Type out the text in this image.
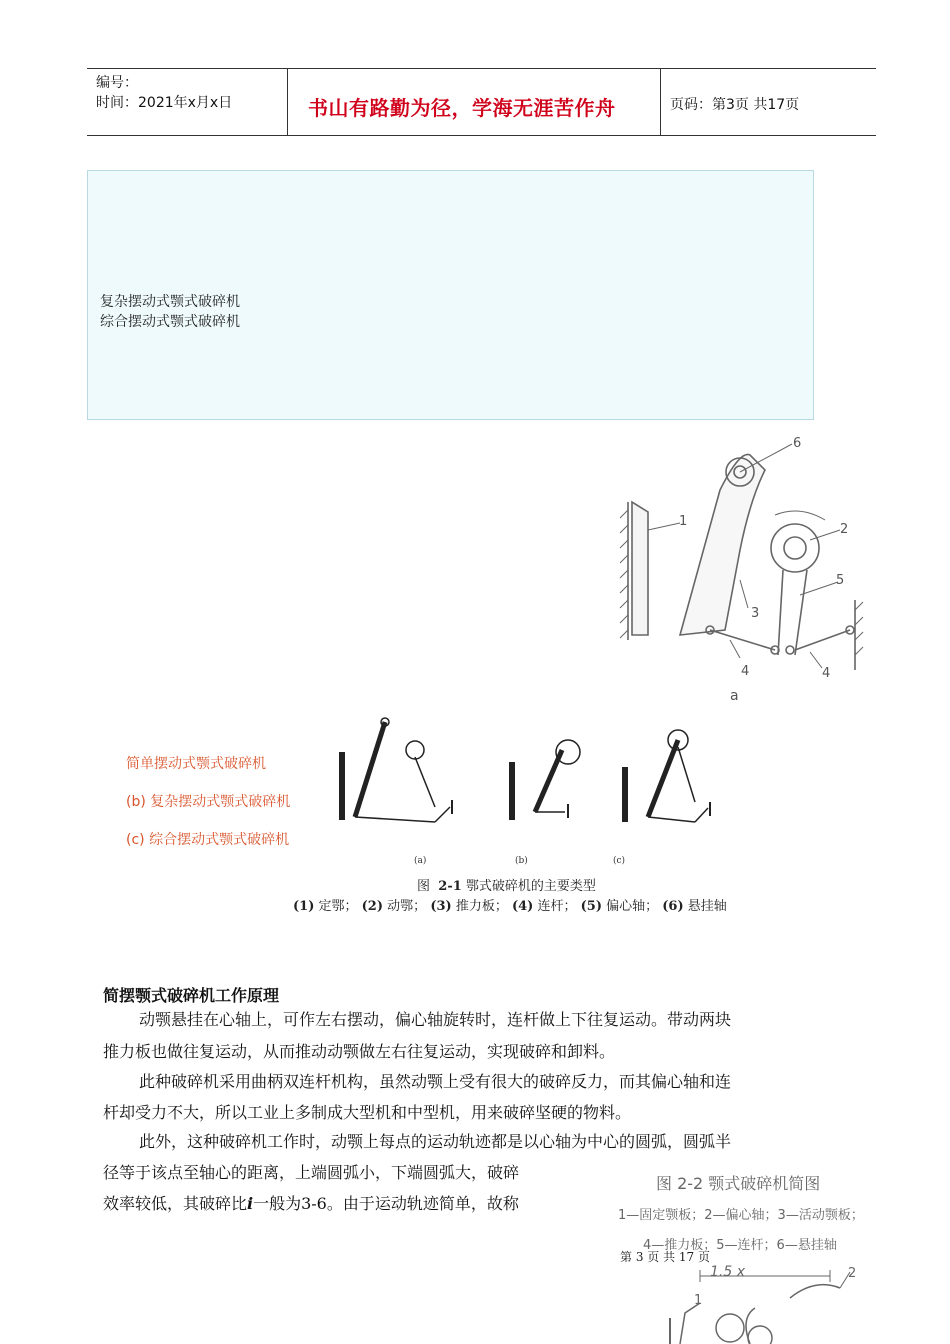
编号：
时间：2021年x月x日	书山有路勤为径，学海无涯苦作舟	页码：第3页 共17页
复杂摆动式颚式破碎机
综合摆动式颚式破碎机
6
1
2
5
3
4	4
a
简单摆动式颚式破碎机
(b) 复杂摆动式颚式破碎机
(c) 综合摆动式颚式破碎机
(a)	(b)	(c)
图 2-1 鄂式破碎机的主要类型
(1) 定鄂； (2) 动鄂； (3) 推力板； (4) 连杆； (5) 偏心轴； (6) 悬挂轴
简摆颚式破碎机工作原理
动颚悬挂在心轴上，可作左右摆动，偏心轴旋转时，连杆做上下往复运动。带动两块
推力板也做往复运动，从而推动动颚做左右往复运动，实现破碎和卸料。
此种破碎机采用曲柄双连杆机构，虽然动颚上受有很大的破碎反力，而其偏心轴和连
杆却受力不大，所以工业上多制成大型机和中型机，用来破碎坚硬的物料。
此外，这种破碎机工作时，动颚上每点的运动轨迹都是以心轴为中心的圆弧，圆弧半
径等于该点至轴心的距离，上端圆弧小，下端圆弧大，破碎
效率较低，其破碎比i一般为3-6。由于运动轨迹简单，故称
图 2-2 颚式破碎机简图
1—固定颚板；2—偏心轴；3—活动颚板；
4—推力板；5—连杆；6—悬挂轴
1.5 x
1
2
第 3 页 共 17 页
